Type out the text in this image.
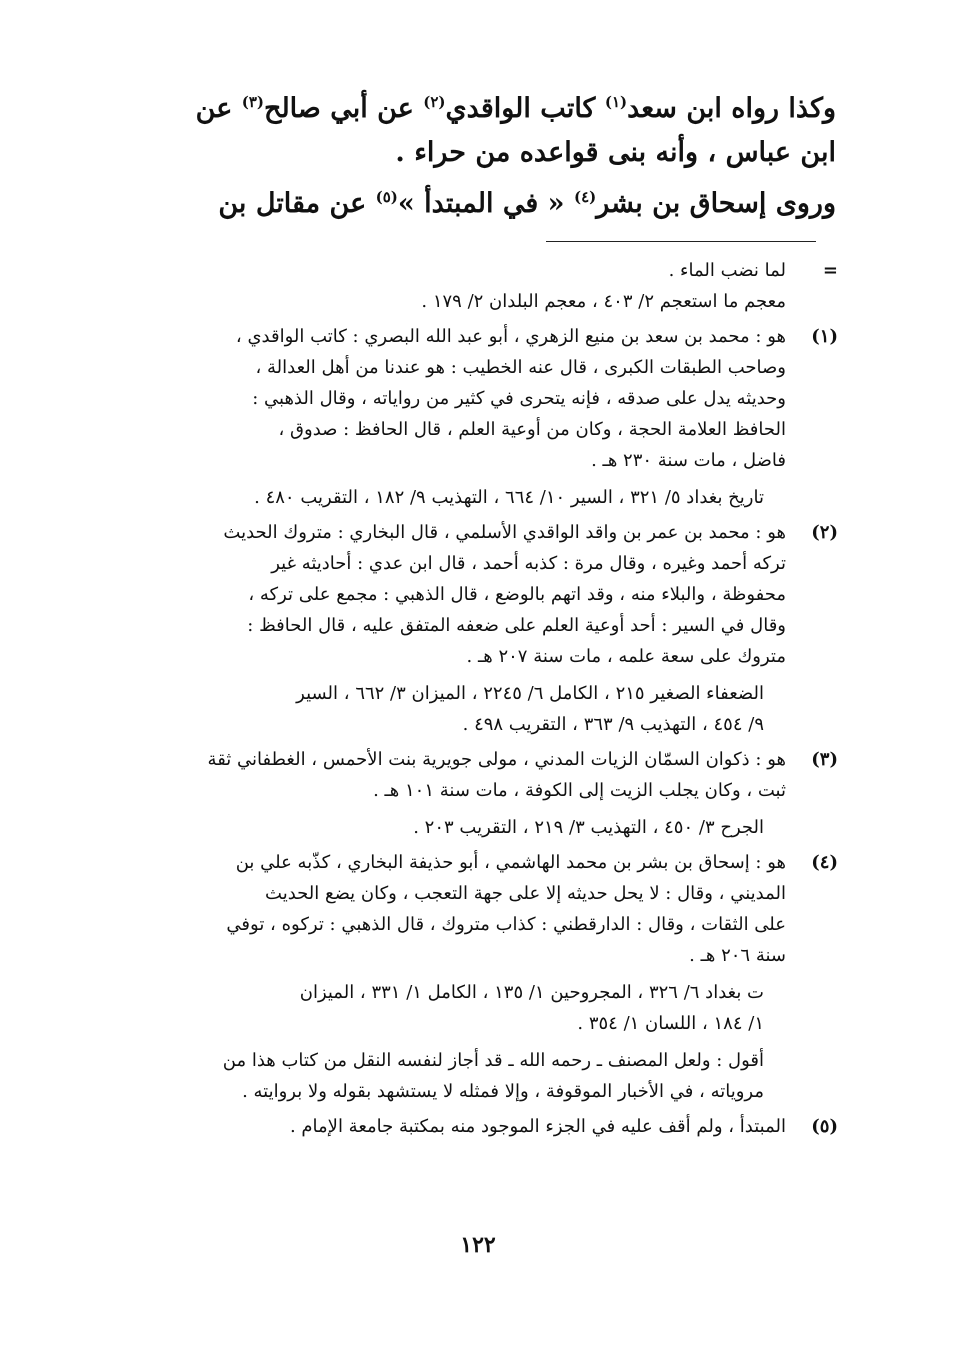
وكذا رواه ابن سعد$^{(١)}$ كاتب الواقدي$^{(٢)}$ عن أبي صالح$^{(٣)}$ عن

ابن عباس ، وأنه بنى قواعده من حراء .

وروى إسحاق بن بشر$^{(٤)}$ « في المبتدأ »$^{(٥)}$ عن مقاتل بن

=
لما نضب الماء .
معجم ما استعجم ٢/ ٤٠٣ ، معجم البلدان ٢/ ١٧٩ .
(١)
هو : محمد بن سعد بن منيع الزهري ، أبو عبد الله البصري : كاتب الواقدي ،
وصاحب الطبقات الكبرى ، قال عنه الخطيب : هو عندنا من أهل العدالة ،
وحديثه يدل على صدقه ، فإنه يتحرى في كثير من رواياته ، وقال الذهبي :
الحافظ العلامة الحجة ، وكان من أوعية العلم ، قال الحافظ : صدوق ،
فاضل ، مات سنة ٢٣٠ هـ .
تاريخ بغداد ٥/ ٣٢١ ، السير ١٠/ ٦٦٤ ، التهذيب ٩/ ١٨٢ ، التقريب ٤٨٠ .
(٢)
هو : محمد بن عمر بن واقد الواقدي الأسلمي ، قال البخاري : متروك الحديث
تركه أحمد وغيره ، وقال مرة : كذبه أحمد ، قال ابن عدي : أحاديثه غير
محفوظة ، والبلاء منه ، وقد اتهم بالوضع ، قال الذهبي : مجمع على تركه ،
وقال في السير : أحد أوعية العلم على ضعفه المتفق عليه ، قال الحافظ :
متروك على سعة علمه ، مات سنة ٢٠٧ هـ .
الضعفاء الصغير ٢١٥ ، الكامل ٦/ ٢٢٤٥ ، الميزان ٣/ ٦٦٢ ، السير
٩/ ٤٥٤ ، التهذيب ٩/ ٣٦٣ ، التقريب ٤٩٨ .
(٣)
هو : ذكوان السمّان الزيات المدني ، مولى جويرية بنت الأحمس ، الغطفاني ثقة
ثبت ، وكان يجلب الزيت إلى الكوفة ، مات سنة ١٠١ هـ .
الجرح ٣/ ٤٥٠ ، التهذيب ٣/ ٢١٩ ، التقريب ٢٠٣ .
(٤)
هو : إسحاق بن بشر بن محمد الهاشمي ، أبو حذيفة البخاري ، كذّبه علي بن
المديني ، وقال : لا يحل حديثه إلا على جهة التعجب ، وكان يضع الحديث
على الثقات ، وقال : الدارقطني : كذاب متروك ، قال الذهبي : تركوه ، توفي
سنة ٢٠٦ هـ .
ت بغداد ٦/ ٣٢٦ ، المجروحين ١/ ١٣٥ ، الكامل ١/ ٣٣١ ، الميزان
١/ ١٨٤ ، اللسان ١/ ٣٥٤ .
أقول : ولعل المصنف ـ رحمه الله ـ قد أجاز لنفسه النقل من كتاب هذا من
مروياته ، في الأخبار الموقوفة ، وإلا فمثله لا يستشهد بقوله ولا بروايته .
(٥)
المبتدأ ، ولم أقف عليه في الجزء الموجود منه بمكتبة جامعة الإمام .
١٢٢
